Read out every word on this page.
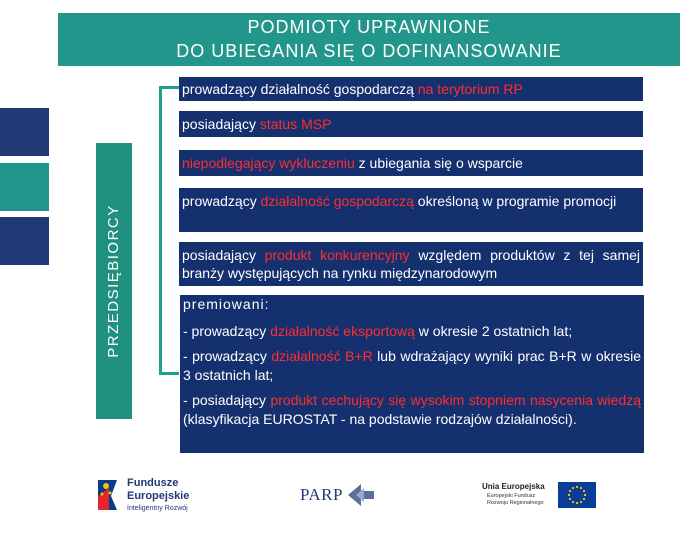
PODMIOTY UPRAWNIONE
DO UBIEGANIA SIĘ O DOFINANSOWANIE
PRZEDSIĘBIORCY
prowadzący działalność gospodarczą na terytorium RP
posiadający status MSP
niepodlegający wykluczeniu z ubiegania się o wsparcie
prowadzący działalność gospodarczą określoną w programie promocji
posiadający produkt konkurencyjny względem produktów z tej samej branży występujących na rynku międzynarodowym

premiowani:

- prowadzący działalność eksportową w okresie 2 ostatnich lat;

- prowadzący działalność B+R lub wdrażający wyniki prac B+R w okresie 3 ostatnich lat;

- posiadający produkt cechujący się wysokim stopniem nasycenia wiedzą (klasyfikacja EUROSTAT - na podstawie rodzajów działalności).

Fundusze
Europejskie
Inteligentny Rozwój
PARP	Unia Europejska
Europejski Fundusz
Rozwoju Regionalnego
